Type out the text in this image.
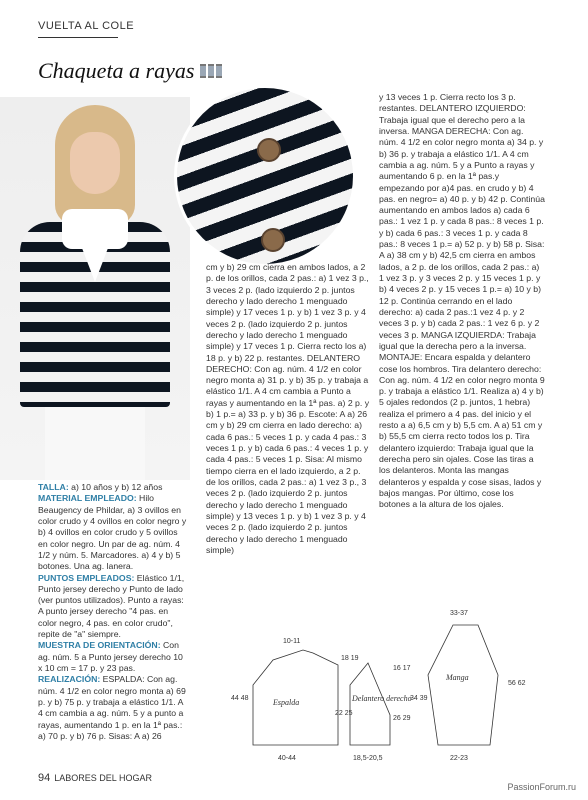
VUELTA AL COLE
Chaqueta a rayas

TALLA: a) 10 años y b) 12 años

MATERIAL EMPLEADO: Hilo Beaugency de Phildar, a) 3 ovillos en color crudo y 4 ovillos en color negro y b) 4 ovillos en color crudo y 5 ovillos en color negro. Un par de ag. núm. 4 1/2 y núm. 5. Marcadores. a) 4 y b) 5 botones. Una ag. lanera.

PUNTOS EMPLEADOS: Elástico 1/1, Punto jersey derecho y Punto de lado (ver puntos utilizados). Punto a rayas: A punto jersey derecho "4 pas. en color negro, 4 pas. en color crudo", repite de "a" siempre.

MUESTRA DE ORIENTACIÓN: Con ag. núm. 5 a Punto jersey derecho 10 x 10 cm = 17 p. y 23 pas.

REALIZACIÓN: ESPALDA: Con ag. núm. 4 1/2 en color negro monta a) 69 p. y b) 75 p. y trabaja a elástico 1/1. A 4 cm cambia a ag. núm. 5 y a punto a rayas, aumentando 1 p. en la 1ª pas.: a) 70 p. y b) 76 p. Sisas: A a) 26

cm y b) 29 cm cierra en ambos lados, a 2 p. de los orillos, cada 2 pas.: a) 1 vez 3 p., 3 veces 2 p. (lado izquierdo 2 p. juntos derecho y lado derecho 1 menguado simple) y 17 veces 1 p. y b) 1 vez 3 p. y 4 veces 2 p. (lado izquierdo 2 p. juntos derecho y lado derecho 1 menguado simple) y 17 veces 1 p. Cierra recto los a) 18 p. y b) 22 p. restantes. DELANTERO DERECHO: Con ag. núm. 4 1/2 en color negro monta a) 31 p. y b) 35 p. y trabaja a elástico 1/1. A 4 cm cambia a Punto a rayas y aumentando en la 1ª pas. a) 2 p. y b) 1 p.= a) 33 p. y b) 36 p. Escote: A a) 26 cm y b) 29 cm cierra en lado derecho: a) cada 6 pas.: 5 veces 1 p. y cada 4 pas.: 3 veces 1 p. y b) cada 6 pas.: 4 veces 1 p. y cada 4 pas.: 5 veces 1 p. Sisa: Al mismo tiempo cierra en el lado izquierdo, a 2 p. de los orillos, cada 2 pas.: a) 1 vez 3 p., 3 veces 2 p. (lado izquierdo 2 p. juntos derecho y lado derecho 1 menguado simple) y 13 veces 1 p. y b) 1 vez 3 p. y 4 veces 2 p. (lado izquierdo 2 p. juntos derecho y lado derecho 1 menguado simple)

y 13 veces 1 p. Cierra recto los 3 p. restantes. DELANTERO IZQUIERDO: Trabaja igual que el derecho pero a la inversa. MANGA DERECHA: Con ag. núm. 4 1/2 en color negro monta a) 34 p. y b) 36 p. y trabaja a elástico 1/1. A 4 cm cambia a ag. núm. 5 y a Punto a rayas y aumentando 6 p. en la 1ª pas.y empezando por a)4 pas. en crudo y b) 4 pas. en negro= a) 40 p. y b) 42 p. Continúa aumentando en ambos lados a) cada 6 pas.: 1 vez 1 p. y cada 8 pas.: 8 veces 1 p. y b) cada 6 pas.: 3 veces 1 p. y cada 8 pas.: 8 veces 1 p.= a) 52 p. y b) 58 p. Sisa: A a) 38 cm y b) 42,5 cm cierra en ambos lados, a 2 p. de los orillos, cada 2 pas.: a) 1 vez 3 p. y 3 veces 2 p. y 15 veces 1 p. y b) 4 veces 2 p. y 15 veces 1 p.= a) 10 y b) 12 p. Continúa cerrando en el lado derecho: a) cada 2 pas.:1 vez 4 p. y 2 veces 3 p. y b) cada 2 pas.: 1 vez 6 p. y 2 veces 3 p. MANGA IZQUIERDA: Trabaja igual que la derecha pero a la inversa. MONTAJE: Encara espalda y delantero cose los hombros. Tira delantero derecho: Con ag. núm. 4 1/2 en color negro monta 9 p. y trabaja a elástico 1/1. Realiza a) 4 y b) 5 ojales redondos (2 p. juntos, 1 hebra) realiza el primero a 4 pas. del inicio y el resto a a) 6,5 cm y b) 5,5 cm. A a) 51 cm y b) 55,5 cm cierra recto todos los p. Tira delantero izquierdo: Trabaja igual que la derecha pero sin ojales. Cose las tiras a los delanteros. Monta las mangas delanteros y espalda y cose sisas, lados y bajos mangas. Por último, cose los botones a la altura de los ojales.

Espalda	Delantero derecho
Manga
10-11
18 19
44 48
40-44
16 17
22 25
26 29
18,5-20,5
33-37
34 39
56 62
22-23
94 LABORES DEL HOGAR
PassionForum.ru
